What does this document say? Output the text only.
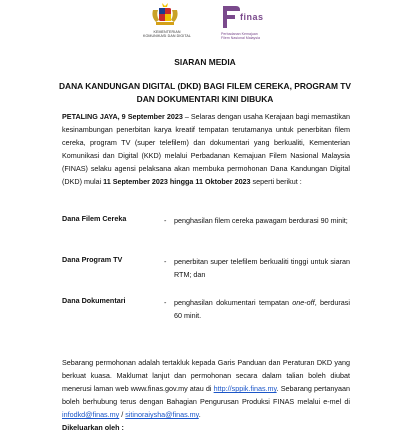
KEMENTERIAN
KOMUNIKASI DAN DIGITAL
finas
Perbadanan Kemajuan
Filem Nasional Malaysia
SIARAN MEDIA
DANA KANDUNGAN DIGITAL (DKD) BAGI FILEM CEREKA, PROGRAM TV DAN DOKUMENTARI KINI DIBUKA
PETALING JAYA, 9 September 2023 – Selaras dengan usaha Kerajaan bagi memastikan kesinambungan penerbitan karya kreatif tempatan terutamanya untuk penerbitan filem cereka, program TV (super telefilem) dan dokumentari yang berkualiti, Kementerian Komunikasi dan Digital (KKD) melalui Perbadanan Kemajuan Filem Nasional Malaysia (FINAS) selaku agensi pelaksana akan membuka permohonan Dana Kandungan Digital (DKD) mulai 11 September 2023 hingga 11 Oktober 2023 seperti berikut :
Dana Filem Cereka	- penghasilan filem cereka pawagam berdurasi 90 minit;
Dana Program TV	- penerbitan super telefilem berkualiti tinggi untuk siaran RTM; dan
Dana Dokumentari	- penghasilan dokumentari tempatan one-off, berdurasi 60 minit.
Sebarang permohonan adalah tertakluk kepada Garis Panduan dan Peraturan DKD yang berkuat kuasa. Maklumat lanjut dan permohonan secara dalam talian boleh diubat menerusi laman web www.finas.gov.my atau di http://sppik.finas.my. Sebarang pertanyaan boleh berhubung terus dengan Bahagian Pengurusan Produksi FINAS melalui e-mel di infodkd@finas.my / sitinoraiysha@finas.my.
Dikeluarkan oleh :
